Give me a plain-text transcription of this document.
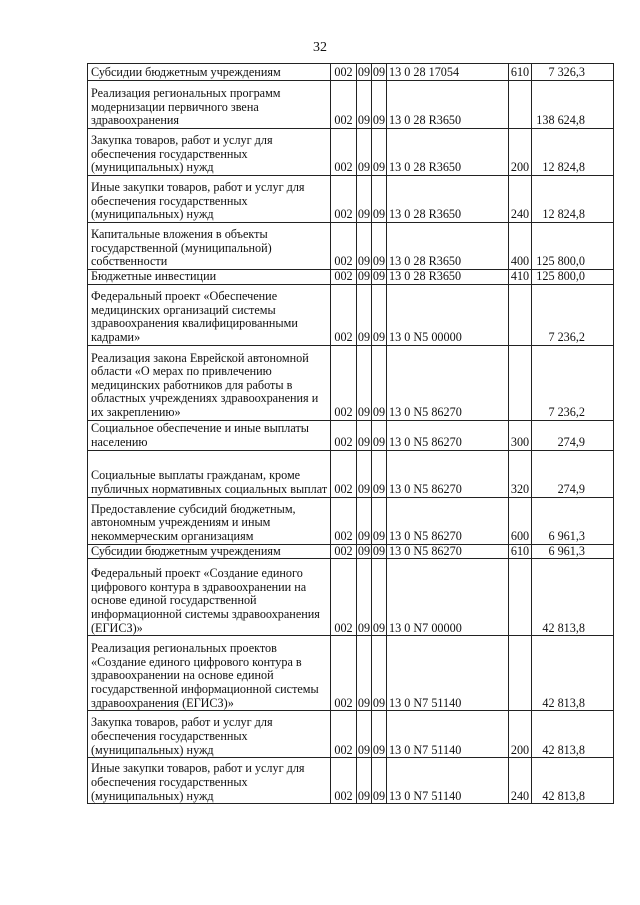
32
Субсидии бюджетным учреждениям	002	09	09	13 0 28 17054	610	7 326,3
Реализация региональных программ модернизации первичного звена здравоохранения	002	09	09	13 0 28 R3650		138 624,8
Закупка товаров, работ и услуг для обеспечения государственных (муниципальных) нужд	002	09	09	13 0 28 R3650	200	12 824,8
Иные закупки товаров, работ и услуг для обеспечения государственных (муниципальных) нужд	002	09	09	13 0 28 R3650	240	12 824,8
Капитальные вложения в объекты государственной (муниципальной) собственности	002	09	09	13 0 28 R3650	400	125 800,0
Бюджетные инвестиции	002	09	09	13 0 28 R3650	410	125 800,0
Федеральный проект «Обеспечение медицинских организаций системы здравоохранения квалифицированными кадрами»	002	09	09	13 0 N5 00000		7 236,2
Реализация закона Еврейской автономной области «О мерах по привлечению медицинских работников для работы в областных учреждениях здравоохранения и их закреплению»	002	09	09	13 0 N5 86270		7 236,2
Социальное обеспечение и иные выплаты населению	002	09	09	13 0 N5 86270	300	274,9
Социальные выплаты гражданам, кроме публичных нормативных социальных выплат	002	09	09	13 0 N5 86270	320	274,9
Предоставление субсидий бюджетным, автономным учреждениям и иным некоммерческим организациям	002	09	09	13 0 N5 86270	600	6 961,3
Субсидии бюджетным учреждениям	002	09	09	13 0 N5 86270	610	6 961,3
Федеральный проект «Создание единого цифрового контура в здравоохранении на основе единой государственной информационной системы здравоохранения (ЕГИСЗ)»	002	09	09	13 0 N7 00000		42 813,8
Реализация региональных проектов «Создание единого цифрового контура в здравоохранении на основе единой государственной информационной системы здравоохранения (ЕГИСЗ)»	002	09	09	13 0 N7 51140		42 813,8
Закупка товаров, работ и услуг для обеспечения государственных (муниципальных) нужд	002	09	09	13 0 N7 51140	200	42 813,8
Иные закупки товаров, работ и услуг для обеспечения государственных (муниципальных) нужд	002	09	09	13 0 N7 51140	240	42 813,8
